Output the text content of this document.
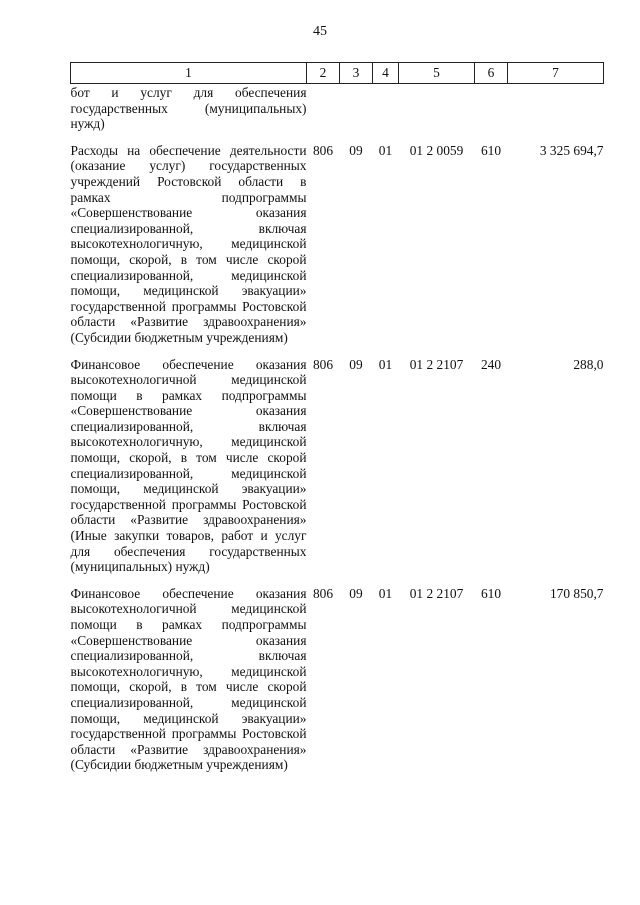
45
1	2	3	4	5	6	7
бот и услуг для обеспечения государственных (муниципальных) нужд)						
Расходы на обеспечение деятельности (оказание услуг) государственных учреждений Ростовской области в рамках подпрограммы «Совершенствование оказания специализированной, включая высокотехнологичную, медицинской помощи, скорой, в том числе скорой специализированной, медицинской помощи, медицинской эвакуации» государственной программы Ростовской области «Развитие здравоохранения» (Субсидии бюджетным учреждениям)	806	09	01	01 2 0059	610	3 325 694,7
Финансовое обеспечение оказания высокотехнологичной медицинской помощи в рамках подпрограммы «Совершенствование оказания специализированной, включая высокотехнологичную, медицинской помощи, скорой, в том числе скорой специализированной, медицинской помощи, медицинской эвакуации» государственной программы Ростовской области «Развитие здравоохранения» (Иные закупки товаров, работ и услуг для обеспечения государственных (муниципальных) нужд)	806	09	01	01 2 2107	240	288,0
Финансовое обеспечение оказания высокотехнологичной медицинской помощи в рамках подпрограммы «Совершенствование оказания специализированной, включая высокотехнологичную, медицинской помощи, скорой, в том числе скорой специализированной, медицинской помощи, медицинской эвакуации» государственной программы Ростовской области «Развитие здравоохранения» (Субсидии бюджетным учреждениям)	806	09	01	01 2 2107	610	170 850,7
